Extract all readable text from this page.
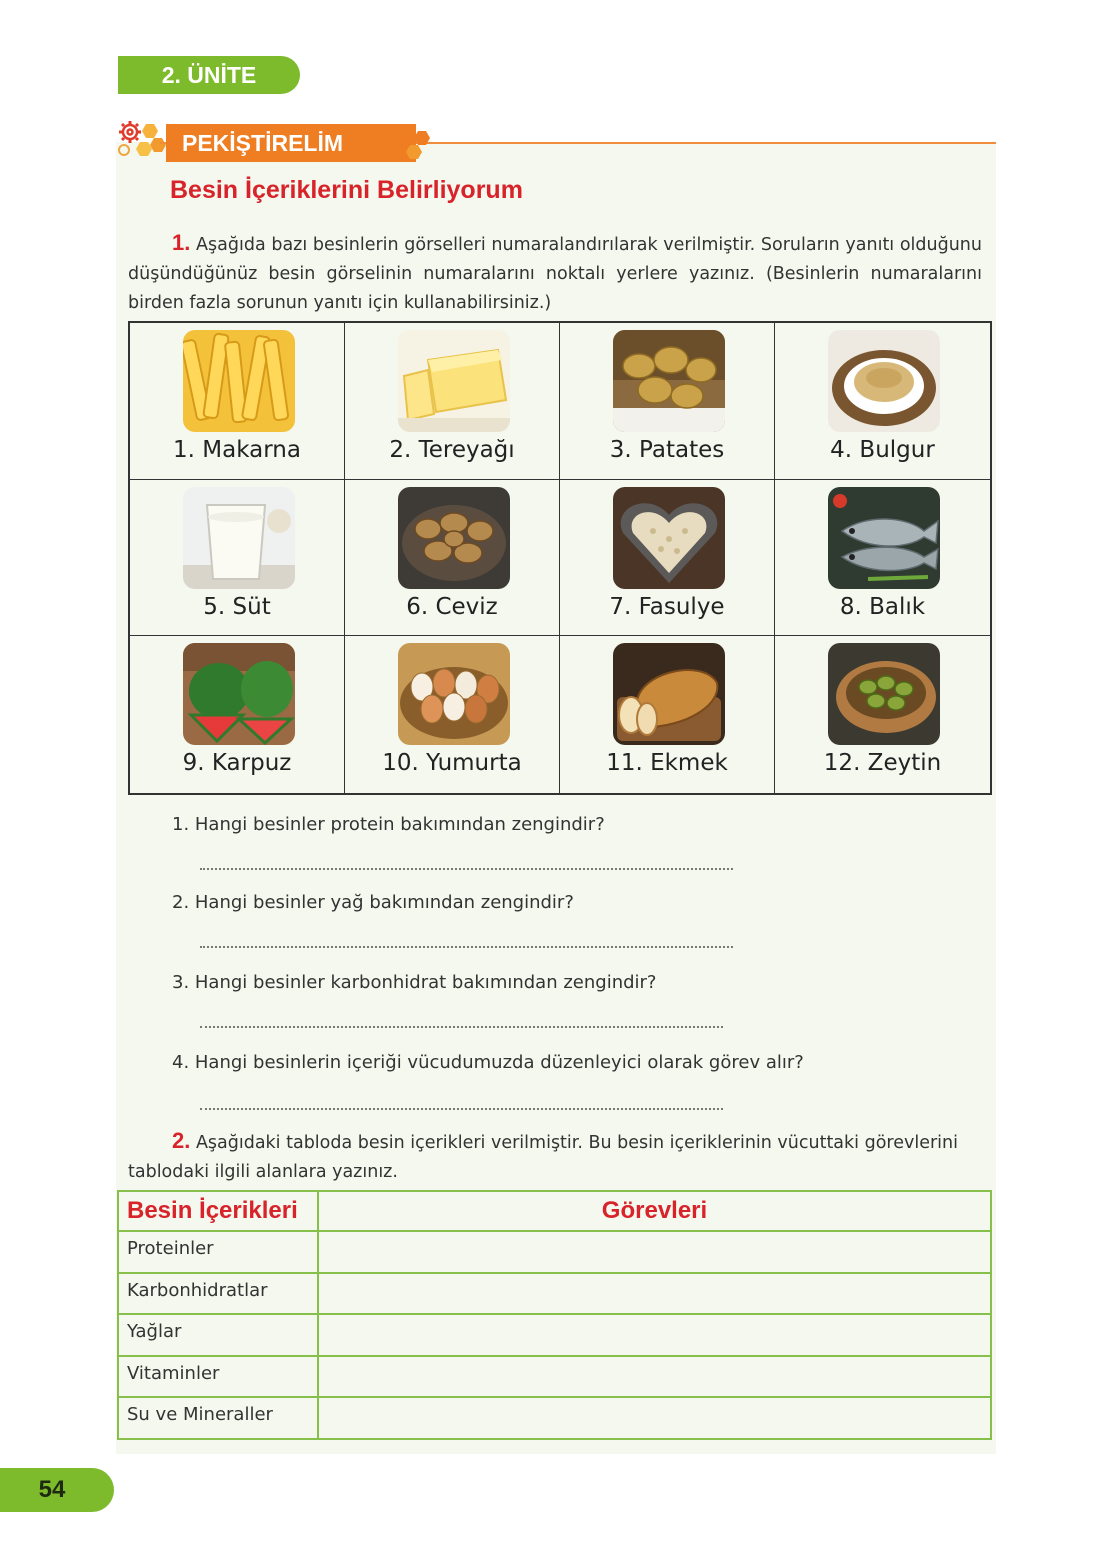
2. ÜNİTE
PEKİŞTİRELİM
Besin İçeriklerini Belirliyorum

1. Aşağıda bazı besinlerin görselleri numaralandırılarak verilmiştir. Soruların yanıtı olduğunu düşündüğünüz besin görselinin numaralarını noktalı yerlere yazınız. (Besinlerin numaralarını birden fazla sorunun yanıtı için kullanabilirsiniz.)

1. Makarna	2. Tereyağı	3. Patates	4. Bulgur
5. Süt	6. Ceviz	7. Fasulye	8. Balık
9. Karpuz	10. Yumurta	11. Ekmek	12. Zeytin

1. Hangi besinler protein bakımından zengindir?

2. Hangi besinler yağ bakımından zengindir?

3. Hangi besinler karbonhidrat bakımından zengindir?

4. Hangi besinlerin içeriği vücudumuzda düzenleyici olarak görev alır?

2. Aşağıdaki tabloda besin içerikleri verilmiştir. Bu besin içeriklerinin vücuttaki görevlerini tablodaki ilgili alanlara yazınız.

Besin İçerikleri	Görevleri
Proteinler	
Karbonhidratlar	
Yağlar	
Vitaminler	
Su ve Mineraller	
54
